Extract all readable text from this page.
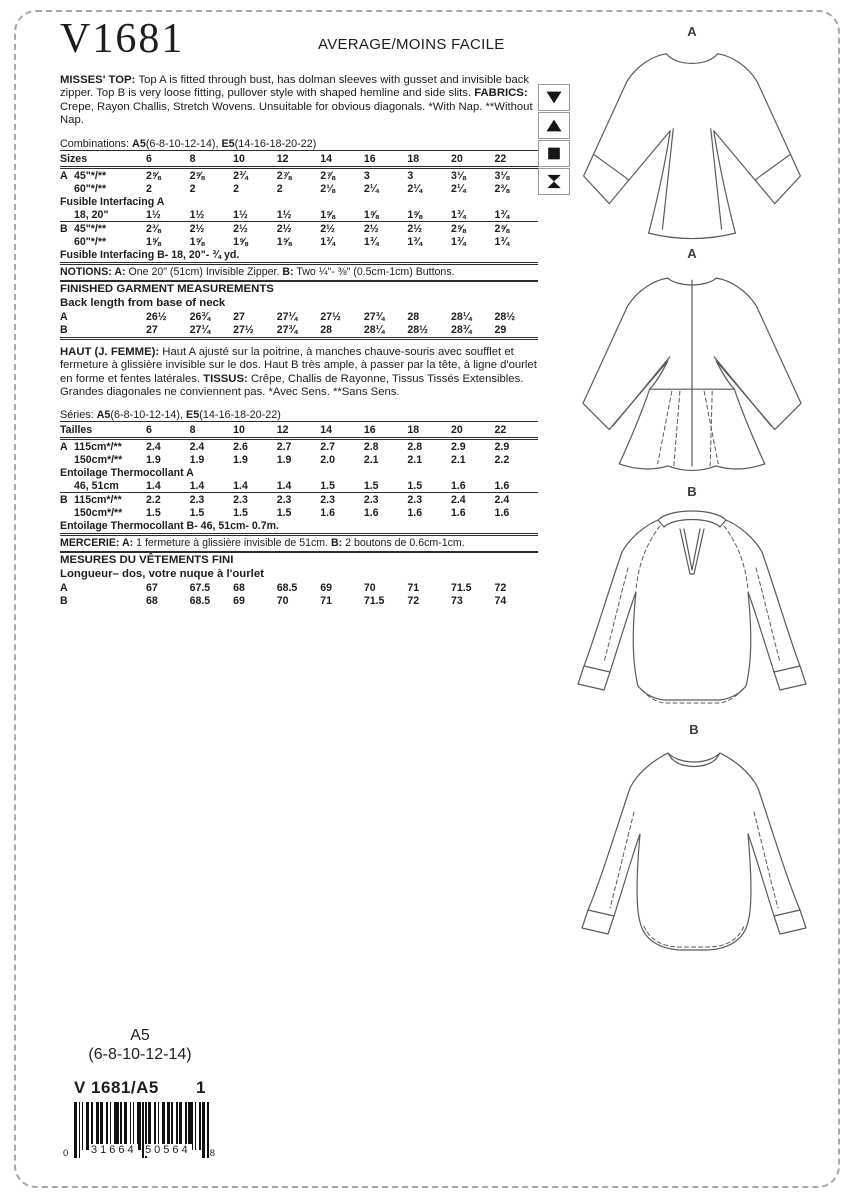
V1681	AVERAGE/MOINS FACILE
MISSES' TOP: Top A is fitted through bust, has dolman sleeves with gusset and invisible back zipper. Top B is very loose fitting, pullover style with shaped hemline and side slits. FABRICS: Crepe, Rayon Challis, Stretch Wovens. Unsuitable for obvious diagonals. *With Nap. **Without Nap.
Combinations: A5(6-8-10-12-14), E5(14-16-18-20-22)
Sizes	6	8	10	12	14	16	18	20	22
A 45"*/**	2⅝	2⅝	2¾	2⅞	2⅞	3	3	3⅛	3⅛
60"*/**	2	2	2	2	2⅛	2¼	2¼	2¼	2⅜
Fusible Interfacing A
18, 20"	1½	1½	1½	1½	1⅝	1⅝	1⅝	1¾	1¾
B 45"*/**	2⅜	2½	2½	2½	2½	2½	2½	2⅝	2⅝
60"*/**	1⅝	1⅝	1⅝	1⅝	1¾	1¾	1¾	1¾	1¾
Fusible Interfacing B- 18, 20"- ¾ yd.
NOTIONS: A: One 20" (51cm) Invisible Zipper. B: Two ¼"- ⅜" (0.5cm-1cm) Buttons.
FINISHED GARMENT MEASUREMENTS
Back length from base of neck
A	26½	26¾	27	27¼	27½	27¾	28	28¼	28½
B	27	27¼	27½	27¾	28	28¼	28½	28¾	29
HAUT (J. FEMME): Haut A ajusté sur la poitrine, à manches chauve-souris avec soufflet et fermeture à glissière invisible sur le dos. Haut B très ample, à passer par la tête, à ligne d'ourlet en forme et fentes latérales. TISSUS: Crêpe, Challis de Rayonne, Tissus Tissés Extensibles. Grandes diagonales ne conviennent pas. *Avec Sens. **Sans Sens.
Séries: A5(6-8-10-12-14), E5(14-16-18-20-22)
Tailles	6	8	10	12	14	16	18	20	22
A 115cm*/** 2.4	2.4	2.6	2.7	2.7	2.8	2.8	2.9	2.9
150cm*/** 1.9	1.9	1.9	1.9	2.0	2.1	2.1	2.1	2.2
Entoilage Thermocollant A
46, 51cm	1.4	1.4	1.4	1.4	1.5	1.5	1.5	1.6	1.6
B 115cm*/** 2.2	2.3	2.3	2.3	2.3	2.3	2.3	2.4	2.4
150cm*/** 1.5	1.5	1.5	1.5	1.6	1.6	1.6	1.6	1.6
Entoilage Thermocollant B- 46, 51cm- 0.7m.
MERCERIE: A: 1 fermeture à glissière invisible de 51cm. B: 2 boutons de 0.6cm-1cm.
MESURES DU VÊTEMENTS FINI
Longueur– dos, votre nuque à l'ourlet
A	67	67.5	68	68.5	69	70	71	71.5	72
B	68	68.5	69	70	71	71.5	72	73	74
A
A
B
B
A5
(6-8-10-12-14)
V 1681/A5 1
0 31664 50564 8
